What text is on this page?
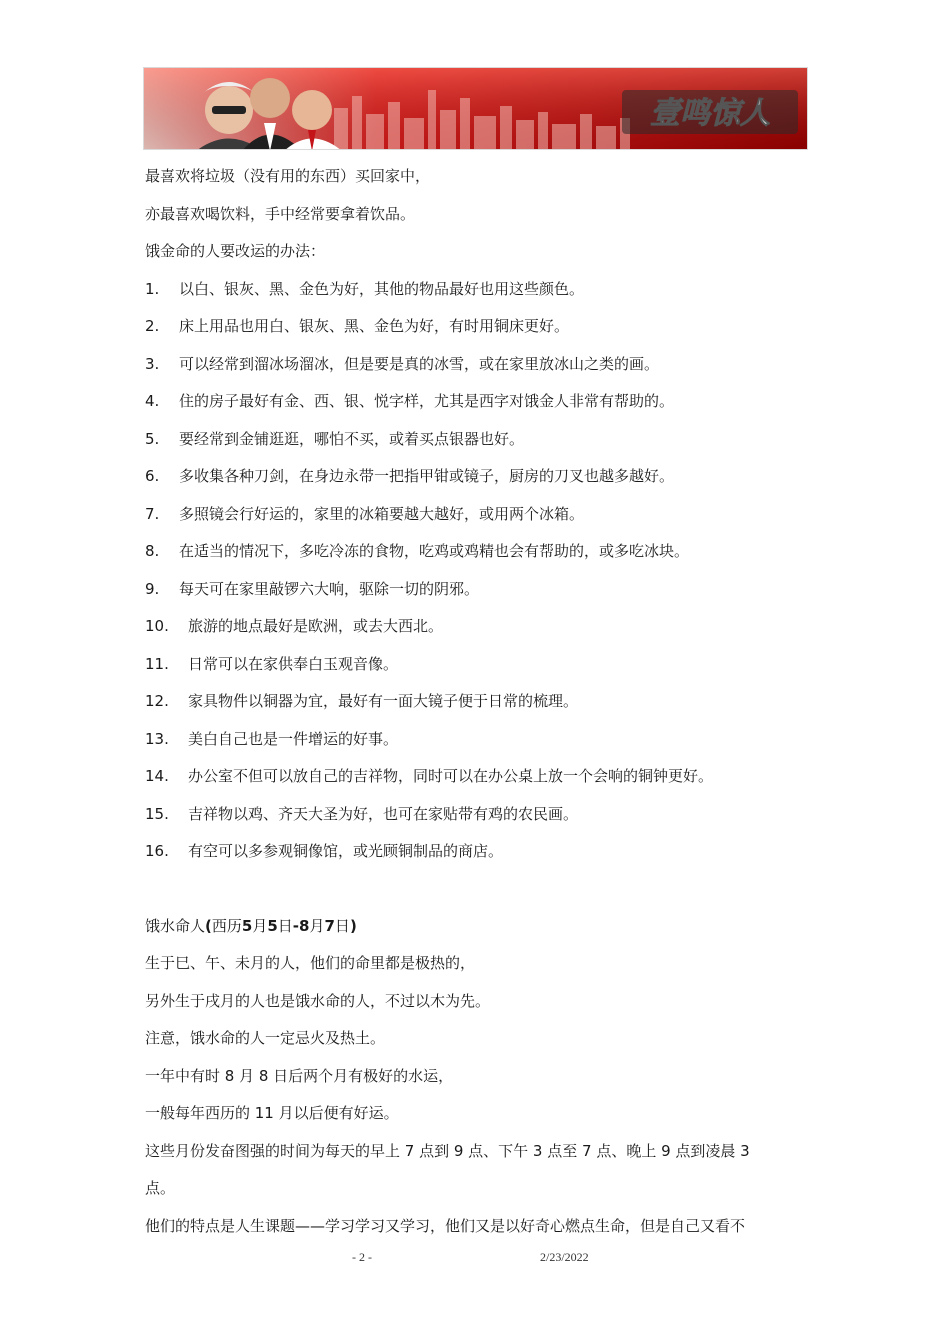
壹鸣惊人
最喜欢将垃圾（没有用的东西）买回家中，
亦最喜欢喝饮料，手中经常要拿着饮品。
饿金命的人要改运的办法：
1. 以白、银灰、黑、金色为好，其他的物品最好也用这些颜色。
2. 床上用品也用白、银灰、黑、金色为好，有时用铜床更好。
3. 可以经常到溜冰场溜冰，但是要是真的冰雪，或在家里放冰山之类的画。
4. 住的房子最好有金、西、银、悦字样，尤其是西字对饿金人非常有帮助的。
5. 要经常到金铺逛逛，哪怕不买，或着买点银器也好。
6. 多收集各种刀剑，在身边永带一把指甲钳或镜子，厨房的刀叉也越多越好。
7. 多照镜会行好运的，家里的冰箱要越大越好，或用两个冰箱。
8. 在适当的情况下，多吃冷冻的食物，吃鸡或鸡精也会有帮助的，或多吃冰块。
9. 每天可在家里敲锣六大响，驱除一切的阴邪。
10. 旅游的地点最好是欧洲，或去大西北。
11. 日常可以在家供奉白玉观音像。
12. 家具物件以铜器为宜，最好有一面大镜子便于日常的梳理。
13. 美白自己也是一件增运的好事。
14. 办公室不但可以放自己的吉祥物，同时可以在办公桌上放一个会响的铜钟更好。
15. 吉祥物以鸡、齐天大圣为好，也可在家贴带有鸡的农民画。
16. 有空可以多参观铜像馆，或光顾铜制品的商店。
饿水命人(西历5月5日-8月7日)
生于巳、午、未月的人，他们的命里都是极热的，
另外生于戌月的人也是饿水命的人，不过以木为先。
注意，饿水命的人一定忌火及热土。
一年中有时 8 月 8 日后两个月有极好的水运，
一般每年西历的 11 月以后便有好运。
这些月份发奋图强的时间为每天的早上 7 点到 9 点、下午 3 点至 7 点、晚上 9 点到凌晨 3
点。
他们的特点是人生课题——学习学习又学习，他们又是以好奇心燃点生命，但是自己又看不
- 2 -	2/23/2022
